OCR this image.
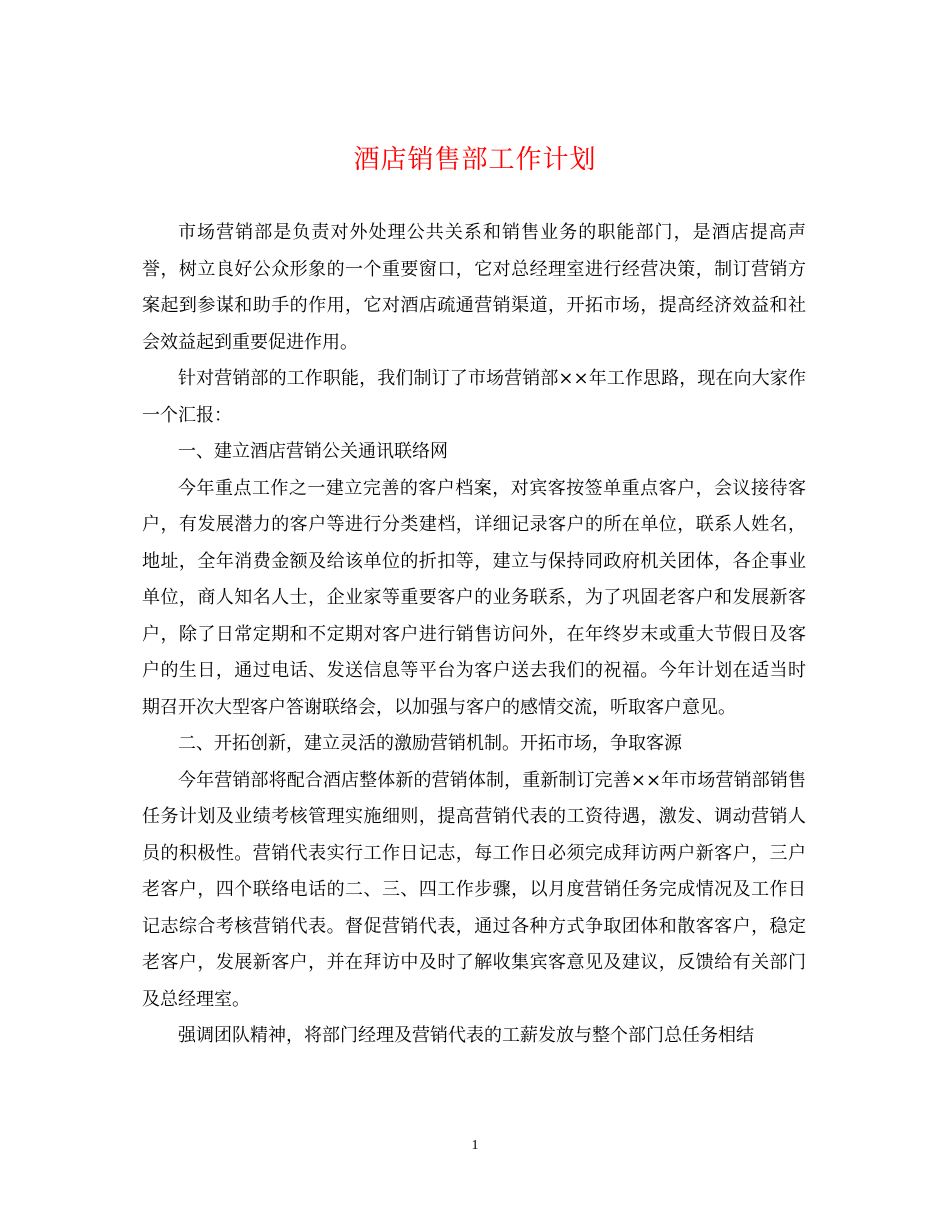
酒店销售部工作计划

市场营销部是负责对外处理公共关系和销售业务的职能部门，是酒店提高声誉，树立良好公众形象的一个重要窗口，它对总经理室进行经营决策，制订营销方案起到参谋和助手的作用，它对酒店疏通营销渠道，开拓市场，提高经济效益和社会效益起到重要促进作用。

针对营销部的工作职能，我们制订了市场营销部××年工作思路，现在向大家作一个汇报：

一、建立酒店营销公关通讯联络网

今年重点工作之一建立完善的客户档案，对宾客按签单重点客户，会议接待客户，有发展潜力的客户等进行分类建档，详细记录客户的所在单位，联系人姓名，地址，全年消费金额及给该单位的折扣等，建立与保持同政府机关团体，各企事业单位，商人知名人士，企业家等重要客户的业务联系，为了巩固老客户和发展新客户，除了日常定期和不定期对客户进行销售访问外，在年终岁末或重大节假日及客户的生日，通过电话、发送信息等平台为客户送去我们的祝福。今年计划在适当时期召开次大型客户答谢联络会，以加强与客户的感情交流，听取客户意见。

二、开拓创新，建立灵活的激励营销机制。开拓市场，争取客源

今年营销部将配合酒店整体新的营销体制，重新制订完善××年市场营销部销售任务计划及业绩考核管理实施细则，提高营销代表的工资待遇，激发、调动营销人员的积极性。营销代表实行工作日记志，每工作日必须完成拜访两户新客户，三户老客户，四个联络电话的二、三、四工作步骤，以月度营销任务完成情况及工作日记志综合考核营销代表。督促营销代表，通过各种方式争取团体和散客客户，稳定老客户，发展新客户，并在拜访中及时了解收集宾客意见及建议，反馈给有关部门及总经理室。

强调团队精神，将部门经理及营销代表的工薪发放与整个部门总任务相结

1
